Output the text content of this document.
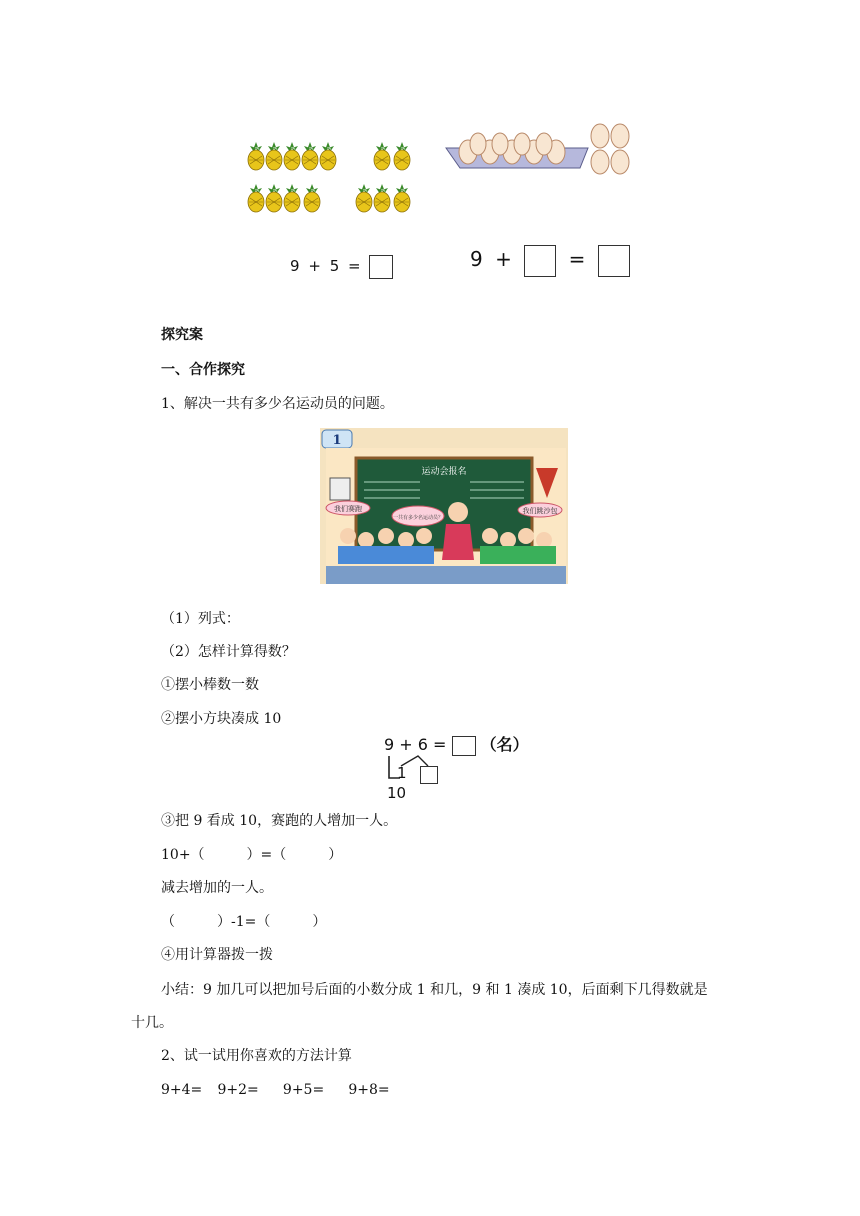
9 + 5 =	9 +	=
探究案
一、合作探究
1、解决一共有多少名运动员的问题。
1
运动会报名
我们赛跑
一共有多少名运动员？
我们跳沙包
（1）列式：
（2）怎样计算得数？
①摆小棒数一数
②摆小方块凑成 10
9 + 6 = （名）
1
10
③把 9 看成 10，赛跑的人增加一人。
10+（　　　）=（　　　）
减去增加的一人。
（　　　）-1=（　　　）
④用计算器拨一拨
小结：9 加几可以把加号后面的小数分成 1 和几，9 和 1 凑成 10，后面剩下几得数就是
十几。
2、试一试用你喜欢的方法计算
9+4= 9+2= 9+5= 9+8=
